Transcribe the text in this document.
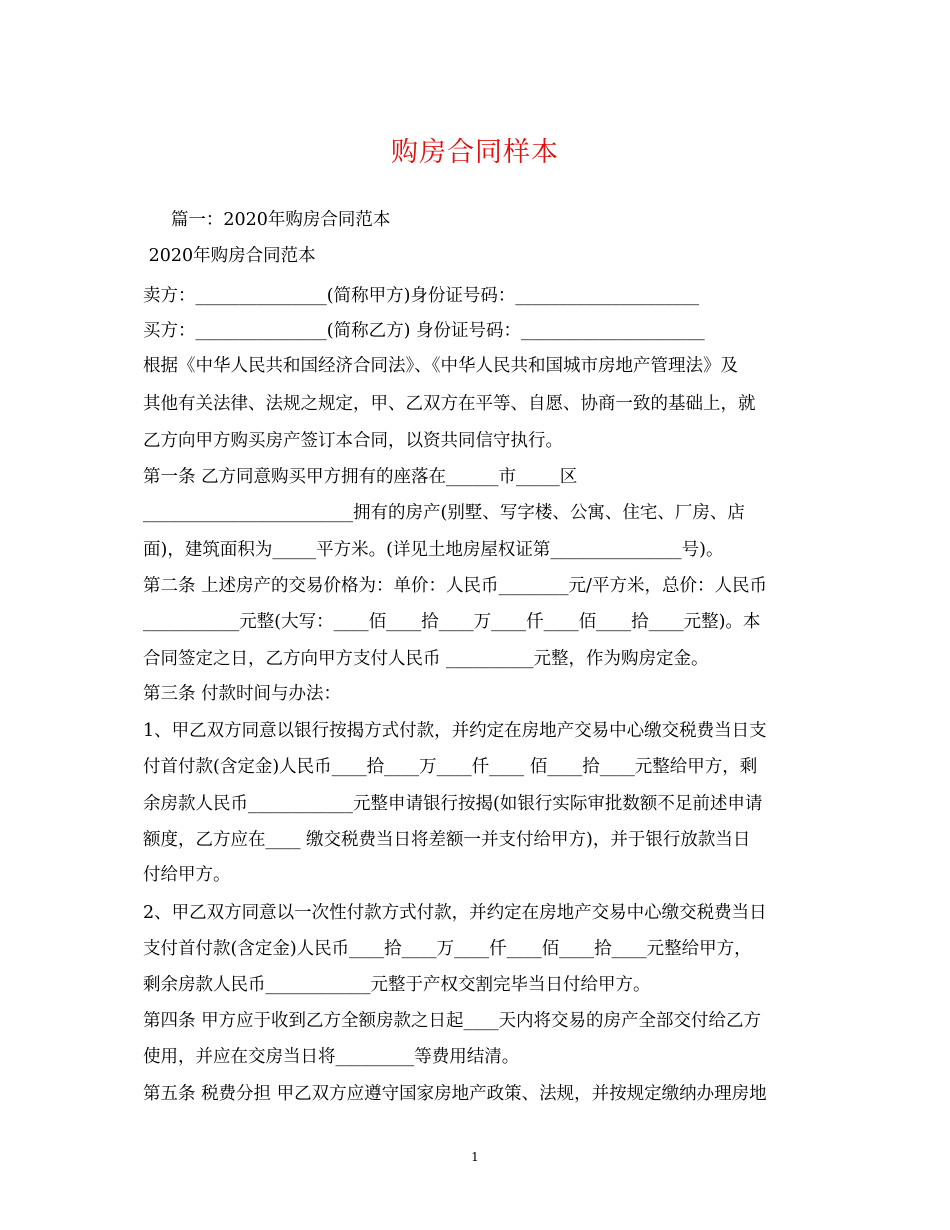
购房合同样本
篇一：2020年购房合同范本
2020年购房合同范本
卖方：_______________(简称甲方)身份证号码：_____________________
买方：_______________(简称乙方) 身份证号码：_____________________
根据《中华人民共和国经济合同法》、《中华人民共和国城市房地产管理法》及
其他有关法律、法规之规定，甲、乙双方在平等、自愿、协商一致的基础上，就
乙方向甲方购买房产签订本合同，以资共同信守执行。
第一条 乙方同意购买甲方拥有的座落在______市_____区
________________________拥有的房产(别墅、写字楼、公寓、住宅、厂房、店
面)，建筑面积为_____平方米。(详见土地房屋权证第_______________号)。
第二条 上述房产的交易价格为：单价：人民币________元/平方米，总价：人民币
___________元整(大写：____佰____拾____万____仟____佰____拾____元整)。本
合同签定之日，乙方向甲方支付人民币 __________元整，作为购房定金。
第三条 付款时间与办法：
1、甲乙双方同意以银行按揭方式付款，并约定在房地产交易中心缴交税费当日支
付首付款(含定金)人民币____拾____万____仟____ 佰____拾____元整给甲方，剩
余房款人民币____________元整申请银行按揭(如银行实际审批数额不足前述申请
额度，乙方应在____ 缴交税费当日将差额一并支付给甲方)，并于银行放款当日
付给甲方。
2、甲乙双方同意以一次性付款方式付款，并约定在房地产交易中心缴交税费当日
支付首付款(含定金)人民币____拾____万____仟____佰____拾____元整给甲方，
剩余房款人民币____________元整于产权交割完毕当日付给甲方。
第四条 甲方应于收到乙方全额房款之日起____天内将交易的房产全部交付给乙方
使用，并应在交房当日将_________等费用结清。
第五条 税费分担 甲乙双方应遵守国家房地产政策、法规，并按规定缴纳办理房地
1
